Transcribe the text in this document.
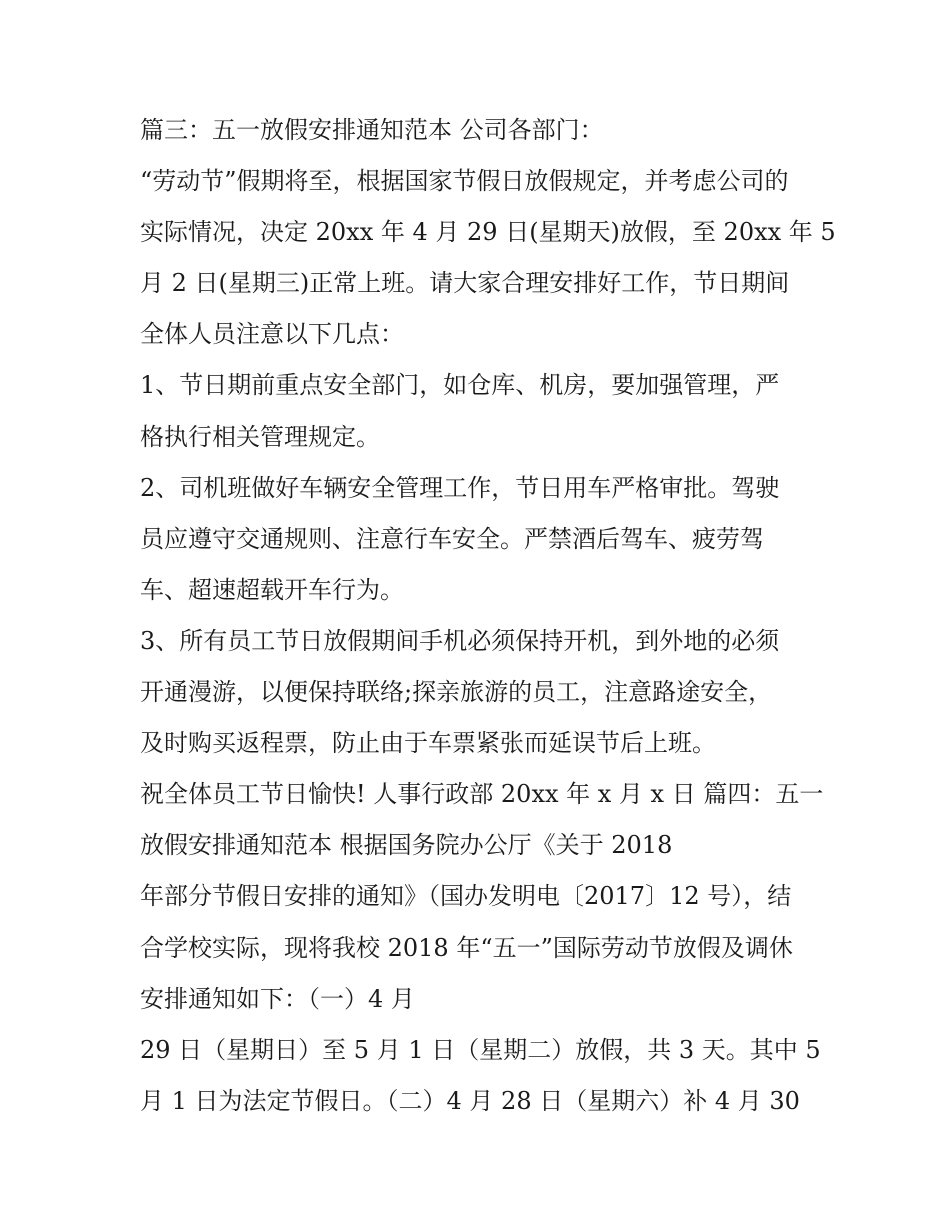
篇三：五一放假安排通知范本 公司各部门：
“劳动节”假期将至，根据国家节假日放假规定，并考虑公司的
实际情况，决定 20xx 年 4 月 29 日(星期天)放假，至 20xx 年 5
月 2 日(星期三)正常上班。请大家合理安排好工作，节日期间
全体人员注意以下几点：
1、节日期前重点安全部门，如仓库、机房，要加强管理，严
格执行相关管理规定。
2、司机班做好车辆安全管理工作，节日用车严格审批。驾驶
员应遵守交通规则、注意行车安全。严禁酒后驾车、疲劳驾
车、超速超载开车行为。
3、所有员工节日放假期间手机必须保持开机，到外地的必须
开通漫游，以便保持联络;探亲旅游的员工，注意路途安全，
及时购买返程票，防止由于车票紧张而延误节后上班。
祝全体员工节日愉快! 人事行政部 20xx 年 x 月 x 日 篇四：五一
放假安排通知范本 根据国务院办公厅《关于 2018
年部分节假日安排的通知》（国办发明电〔2017〕12 号），结
合学校实际，现将我校 2018 年“五一”国际劳动节放假及调休
安排通知如下：（一）4 月
29 日（星期日）至 5 月 1 日（星期二）放假，共 3 天。其中 5
月 1 日为法定节假日。（二）4 月 28 日（星期六）补 4 月 30
